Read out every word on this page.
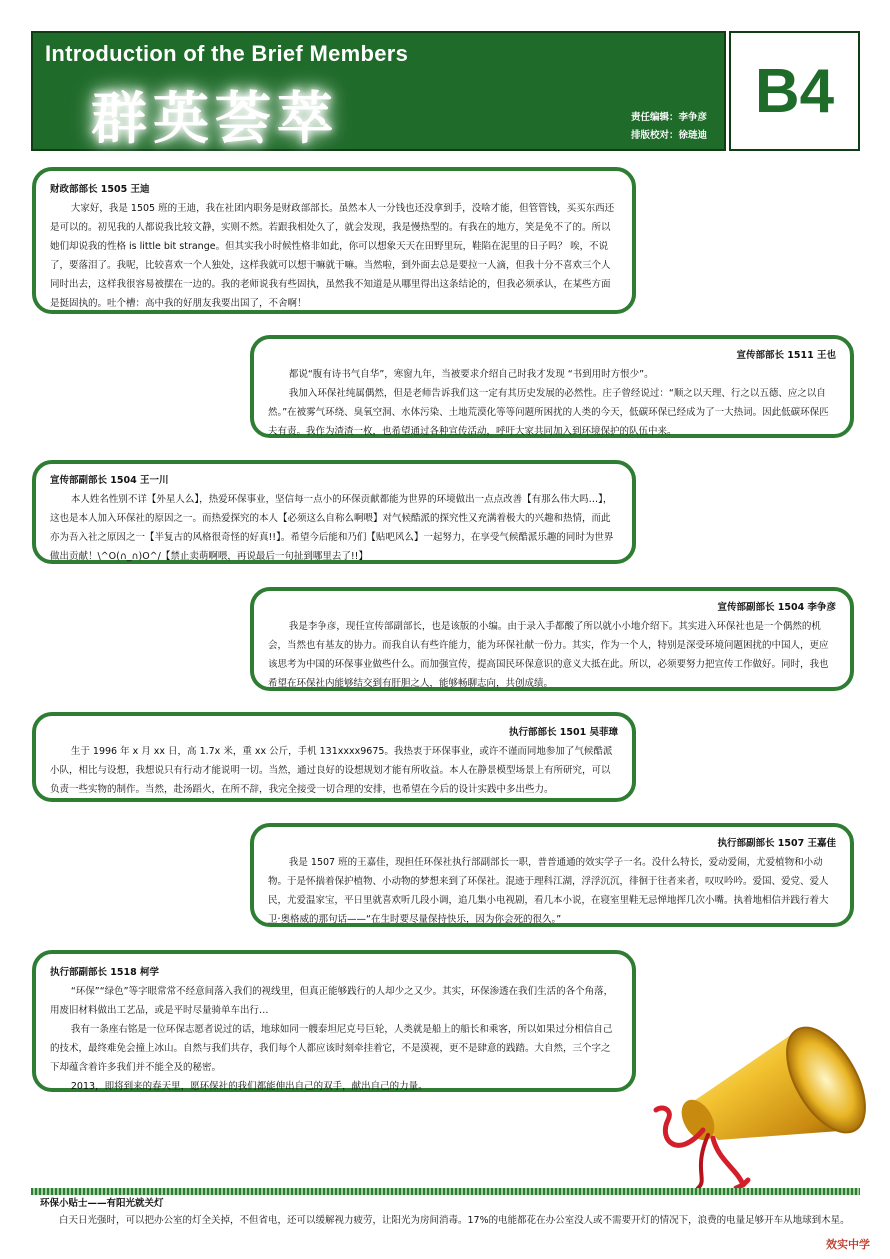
Introduction of the Brief Members
群英荟萃	责任编辑：李争彦
排版校对：徐琏迪
B4
财政部部长 1505 王迪

大家好，我是 1505 班的王迪，我在社团内职务是财政部部长。虽然本人一分钱也还没拿到手，没啥才能，但管管钱，买买东西还是可以的。初见我的人都说我比较文静，实则不然。若跟我相处久了，就会发现，我是慢热型的。有我在的地方，笑是免不了的。所以她们却说我的性格 is little bit strange。但其实我小时候性格非如此，你可以想象天天在田野里玩，鞋陷在泥里的日子吗？ 唉，不说了，要落泪了。我呢，比较喜欢一个人独处，这样我就可以想干嘛就干嘛。当然啦，到外面去总是要拉一人滴，但我十分不喜欢三个人同时出去，这样我很容易被摆在一边的。我的老师说我有些固执，虽然我不知道是从哪里得出这条结论的，但我必须承认，在某些方面是挺固执的。吐个槽：高中我的好朋友我要出国了，不舍啊！

宣传部部长 1511 王也

都说“腹有诗书气自华”，寒窗九年，当被要求介绍自己时我才发现 “书到用时方恨少”。

我加入环保社纯属偶然，但是老师告诉我们这一定有其历史发展的必然性。庄子曾经说过：“顺之以天理、行之以五德、应之以自然。”在被雾气环绕、臭氧空洞、水体污染、土地荒漠化等等问题所困扰的人类的今天，低碳环保已经成为了一大热词。因此低碳环保匹夫有责。我作为渣渣一枚，也希望通过各种宣传活动，呼吁大家共同加入到环境保护的队伍中来。

宣传部副部长 1504 王一川

本人姓名性别不详【外星人么】，热爱环保事业，坚信每一点小的环保贡献都能为世界的环境做出一点点改善【有那么伟大吗…】，这也是本人加入环保社的原因之一。而热爱探究的本人【必须这么自称么啊喂】对气候酷派的探究性又充满着极大的兴趣和热情，而此亦为吾入社之原因之一【半复古的风格很奇怪的好真!!】。希望今后能和乃们【贴吧风么】一起努力，在享受气候酷派乐趣的同时为世界做出贡献！\^O(∩_∩)O^/【禁止卖萌啊喂，再说最后一句扯到哪里去了!!】

宣传部副部长 1504 李争彦

我是李争彦，现任宣传部副部长，也是该版的小编。由于录入手都酸了所以就小小地介绍下。其实进入环保社也是一个偶然的机会，当然也有基友的协力。而我自认有些许能力，能为环保社献一份力。其实，作为一个人，特别是深受环境问题困扰的中国人，更应该思考为中国的环保事业做些什么。而加强宣传，提高国民环保意识的意义大抵在此。所以，必须要努力把宣传工作做好。同时，我也希望在环保社内能够结交到有肝胆之人，能够畅聊志向，共创成绩。

执行部部长 1501 吴菲璋

生于 1996 年 x 月 xx 日，高 1.7x 米，重 xx 公斤，手机 131xxxx9675。我热衷于环保事业，或许不谨而同地参加了气候酷派小队，相比与设想，我想说只有行动才能说明一切。当然，通过良好的设想规划才能有所收益。本人在静景模型场景上有所研究，可以负责一些实物的制作。当然，赴汤蹈火，在所不辞，我完全接受一切合理的安排，也希望在今后的设计实践中多出些力。

执行部副部长 1507 王嘉佳

我是 1507 班的王嘉佳，现担任环保社执行部副部长一职，普普通通的效实学子一名。没什么特长，爱动爱闹，尤爱植物和小动物。于是怀揣着保护植物、小动物的梦想来到了环保社。混迹于理科江湖，浮浮沉沉，徘徊于往者来者，叹叹吟吟。爱国、爱党、爱人民，尤爱温家宝，平日里就喜欢听几段小调，追几集小电视剧，看几本小说，在寝室里鞋无忌惮地挥几次小嘴。执着地相信并践行着大卫·奥格威的那句话——“在生时要尽量保持快乐，因为你会死的很久。”

执行部副部长 1518 柯学

“环保”“绿色”等字眼常常不经意间落入我们的视线里，但真正能够践行的人却少之又少。其实，环保渗透在我们生活的各个角落，用废旧材料做出工艺品，或是平时尽量骑单车出行…

我有一条座右铭是一位环保志愿者说过的话，地球如同一艘泰坦尼克号巨轮，人类就是船上的船长和乘客，所以如果过分相信自己的技术，最终难免会撞上冰山。自然与我们共存，我们每个人都应该时刻牵挂着它，不是漠视，更不是肆意的践踏。大自然，三个字之下却蕴含着许多我们并不能全及的秘密。

2013，即将到来的春天里，愿环保社的我们都能伸出自己的双手，献出自己的力量。

环保小贴士——有阳光就关灯
白天日光强时，可以把办公室的灯全关掉，不但省电，还可以缓解视力疲劳，让阳光为房间消毒。17%的电能都花在办公室没人或不需要开灯的情况下，浪费的电量足够开车从地球到木星。
效实中学
